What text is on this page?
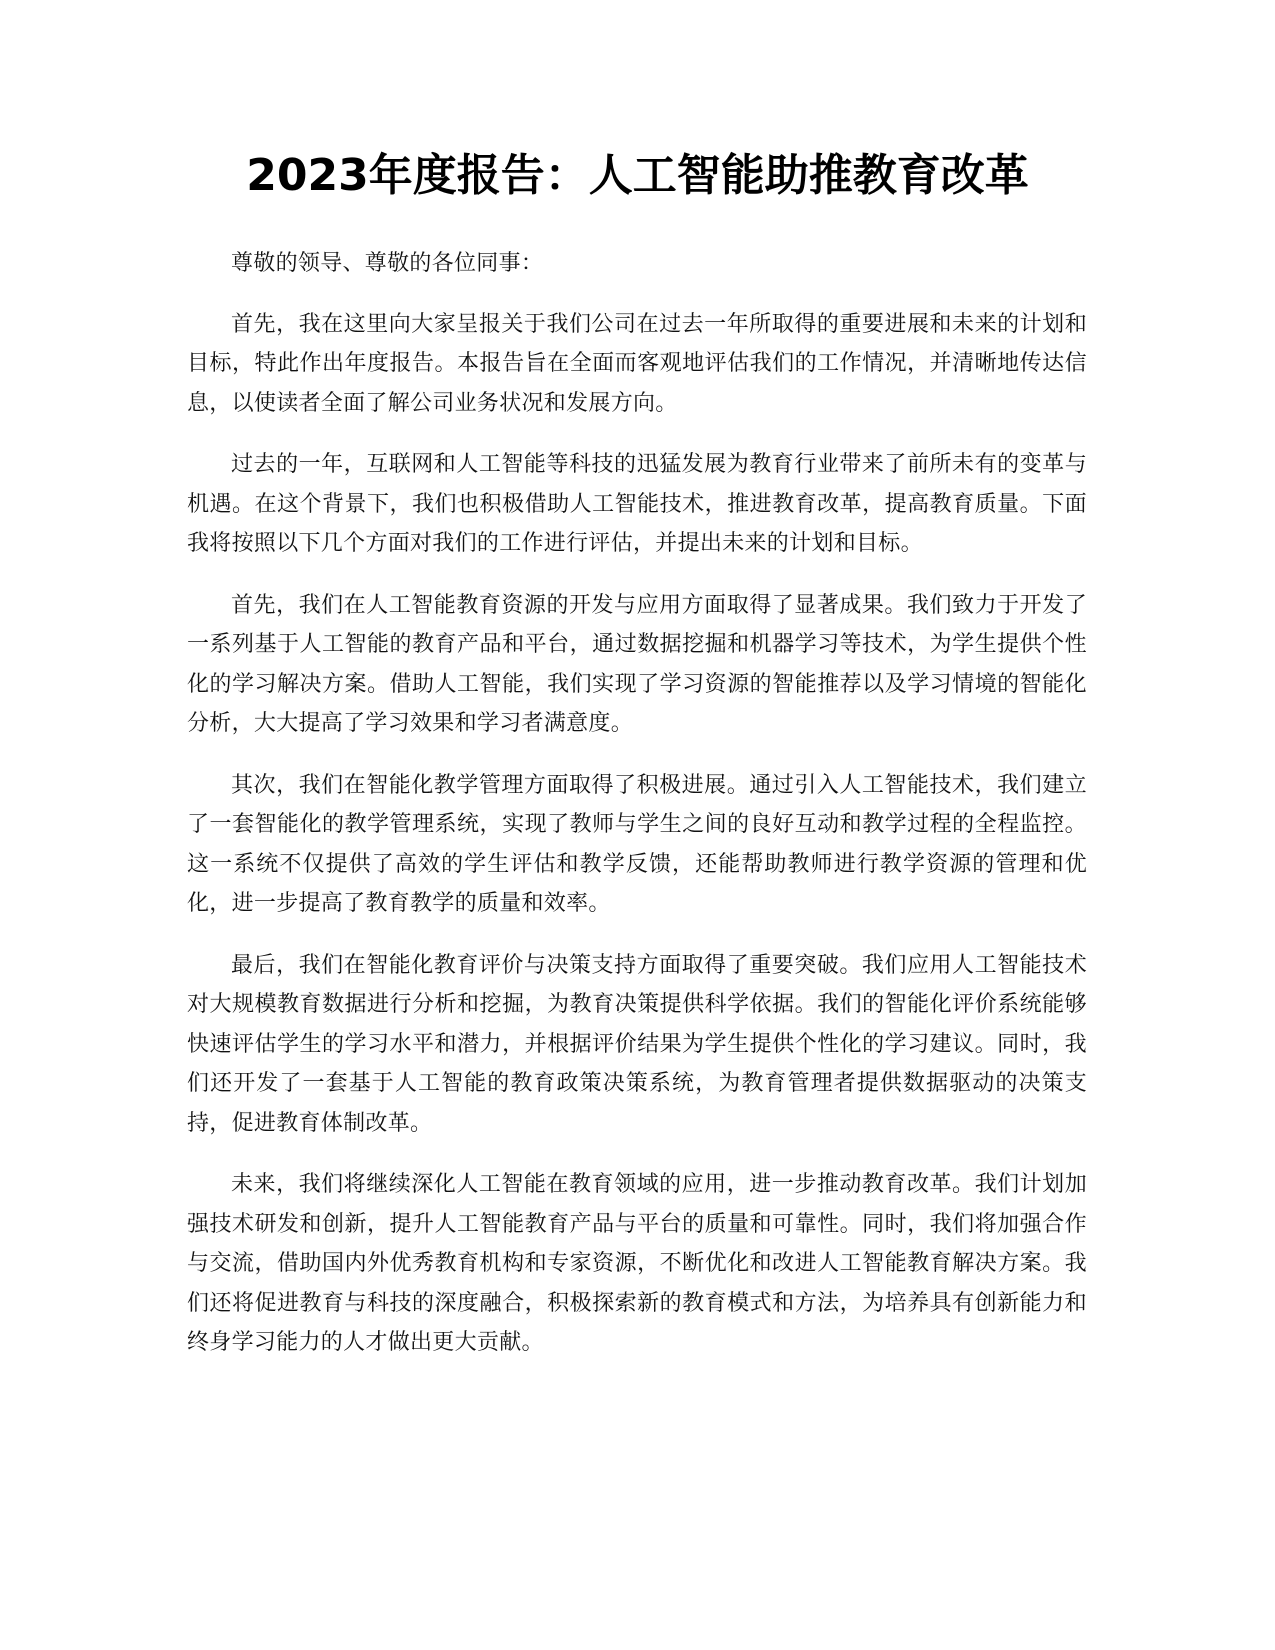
2023年度报告：人工智能助推教育改革

尊敬的领导、尊敬的各位同事：

首先，我在这里向大家呈报关于我们公司在过去一年所取得的重要进展和未来的计划和目标，特此作出年度报告。本报告旨在全面而客观地评估我们的工作情况，并清晰地传达信息，以使读者全面了解公司业务状况和发展方向。

过去的一年，互联网和人工智能等科技的迅猛发展为教育行业带来了前所未有的变革与机遇。在这个背景下，我们也积极借助人工智能技术，推进教育改革，提高教育质量。下面我将按照以下几个方面对我们的工作进行评估，并提出未来的计划和目标。

首先，我们在人工智能教育资源的开发与应用方面取得了显著成果。我们致力于开发了一系列基于人工智能的教育产品和平台，通过数据挖掘和机器学习等技术，为学生提供个性化的学习解决方案。借助人工智能，我们实现了学习资源的智能推荐以及学习情境的智能化分析，大大提高了学习效果和学习者满意度。

其次，我们在智能化教学管理方面取得了积极进展。通过引入人工智能技术，我们建立了一套智能化的教学管理系统，实现了教师与学生之间的良好互动和教学过程的全程监控。这一系统不仅提供了高效的学生评估和教学反馈，还能帮助教师进行教学资源的管理和优化，进一步提高了教育教学的质量和效率。

最后，我们在智能化教育评价与决策支持方面取得了重要突破。我们应用人工智能技术对大规模教育数据进行分析和挖掘，为教育决策提供科学依据。我们的智能化评价系统能够快速评估学生的学习水平和潜力，并根据评价结果为学生提供个性化的学习建议。同时，我们还开发了一套基于人工智能的教育政策决策系统，为教育管理者提供数据驱动的决策支持，促进教育体制改革。

未来，我们将继续深化人工智能在教育领域的应用，进一步推动教育改革。我们计划加强技术研发和创新，提升人工智能教育产品与平台的质量和可靠性。同时，我们将加强合作与交流，借助国内外优秀教育机构和专家资源，不断优化和改进人工智能教育解决方案。我们还将促进教育与科技的深度融合，积极探索新的教育模式和方法，为培养具有创新能力和终身学习能力的人才做出更大贡献。
